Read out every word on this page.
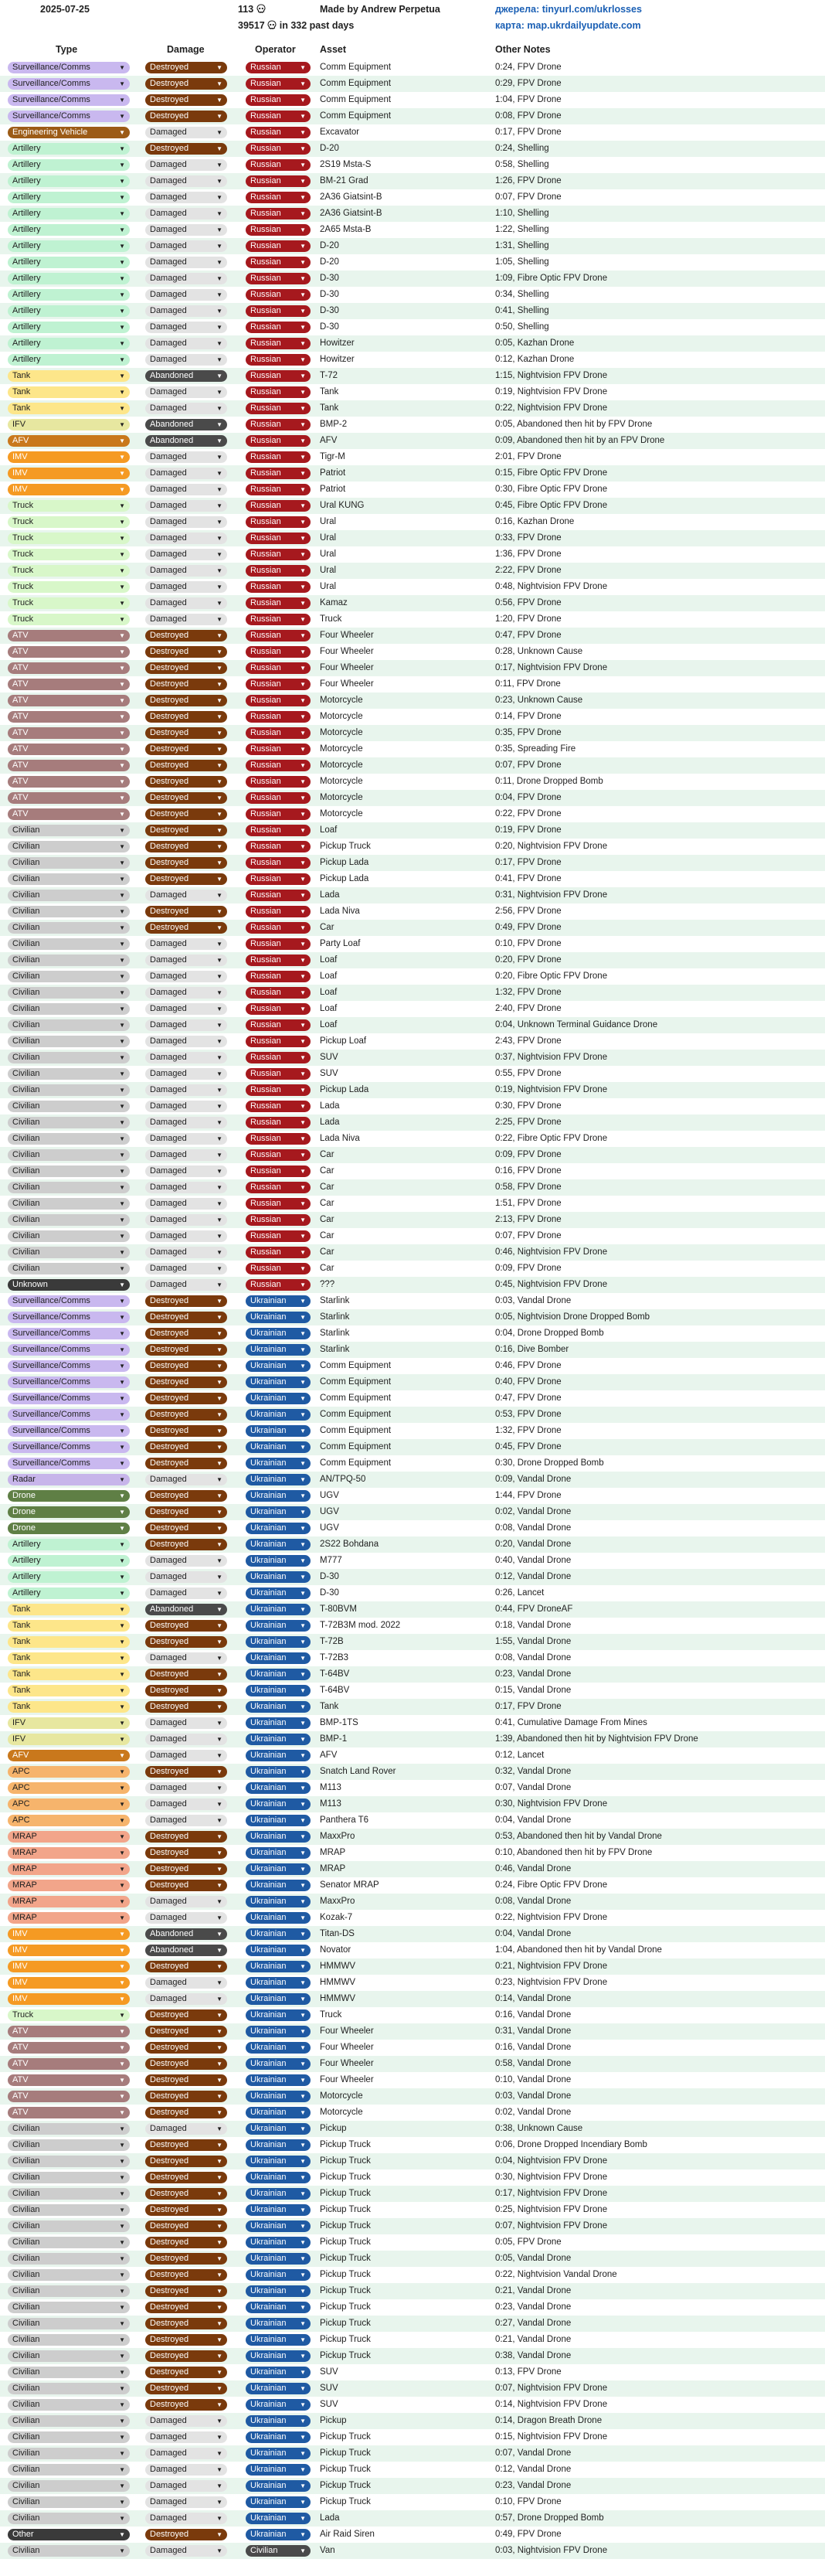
2025-07-25	113
39517 in 332 past days
Made by Andrew Perpetua	джерела: tinyurl.com/ukrlosses
карта: map.ukrdailyupdate.com
Type	Damage	Operator Asset	Other Notes
Surveillance/Comms	▼	Destroyed	▼	Russian	▼ Comm Equipment	0:24, FPV Drone
Surveillance/Comms	▼	Destroyed	▼	Russian	▼ Comm Equipment	0:29, FPV Drone
Surveillance/Comms	▼	Destroyed	▼	Russian	▼ Comm Equipment	1:04, FPV Drone
Surveillance/Comms	▼	Destroyed	▼	Russian	▼ Comm Equipment	0:08, FPV Drone
Engineering Vehicle	▼	Damaged	▼	Russian	▼ Excavator	0:17, FPV Drone
Artillery	▼	Destroyed	▼	Russian	▼ D-20	0:24, Shelling
Artillery	▼	Damaged	▼	Russian	▼ 2S19 Msta-S	0:58, Shelling
Artillery	▼	Damaged	▼	Russian	▼ BM-21 Grad	1:26, FPV Drone
Artillery	▼	Damaged	▼	Russian	▼ 2A36 Giatsint-B	0:07, FPV Drone
Artillery	▼	Damaged	▼	Russian	▼ 2A36 Giatsint-B	1:10, Shelling
Artillery	▼	Damaged	▼	Russian	▼ 2A65 Msta-B	1:22, Shelling
Artillery	▼	Damaged	▼	Russian	▼ D-20	1:31, Shelling
Artillery	▼	Damaged	▼	Russian	▼ D-20	1:05, Shelling
Artillery	▼	Damaged	▼	Russian	▼ D-30	1:09, Fibre Optic FPV Drone
Artillery	▼	Damaged	▼	Russian	▼ D-30	0:34, Shelling
Artillery	▼	Damaged	▼	Russian	▼ D-30	0:41, Shelling
Artillery	▼	Damaged	▼	Russian	▼ D-30	0:50, Shelling
Artillery	▼	Damaged	▼	Russian	▼ Howitzer	0:05, Kazhan Drone
Artillery	▼	Damaged	▼	Russian	▼ Howitzer	0:12, Kazhan Drone
Tank	▼	Abandoned	▼	Russian	▼ T-72	1:15, Nightvision FPV Drone
Tank	▼	Damaged	▼	Russian	▼ Tank	0:19, Nightvision FPV Drone
Tank	▼	Damaged	▼	Russian	▼ Tank	0:22, Nightvision FPV Drone
IFV	▼	Abandoned	▼	Russian	▼ BMP-2	0:05, Abandoned then hit by FPV Drone
AFV	▼	Abandoned	▼	Russian	▼ AFV	0:09, Abandoned then hit by an FPV Drone
IMV	▼	Damaged	▼	Russian	▼ Tigr-M	2:01, FPV Drone
IMV	▼	Damaged	▼	Russian	▼ Patriot	0:15, Fibre Optic FPV Drone
IMV	▼	Damaged	▼	Russian	▼ Patriot	0:30, Fibre Optic FPV Drone
Truck	▼	Damaged	▼	Russian	▼ Ural KUNG	0:45, Fibre Optic FPV Drone
Truck	▼	Damaged	▼	Russian	▼ Ural	0:16, Kazhan Drone
Truck	▼	Damaged	▼	Russian	▼ Ural	0:33, FPV Drone
Truck	▼	Damaged	▼	Russian	▼ Ural	1:36, FPV Drone
Truck	▼	Damaged	▼	Russian	▼ Ural	2:22, FPV Drone
Truck	▼	Damaged	▼	Russian	▼ Ural	0:48, Nightvision FPV Drone
Truck	▼	Damaged	▼	Russian	▼ Kamaz	0:56, FPV Drone
Truck	▼	Damaged	▼	Russian	▼ Truck	1:20, FPV Drone
ATV	▼	Destroyed	▼	Russian	▼ Four Wheeler	0:47, FPV Drone
ATV	▼	Destroyed	▼	Russian	▼ Four Wheeler	0:28, Unknown Cause
ATV	▼	Destroyed	▼	Russian	▼ Four Wheeler	0:17, Nightvision FPV Drone
ATV	▼	Destroyed	▼	Russian	▼ Four Wheeler	0:11, FPV Drone
ATV	▼	Destroyed	▼	Russian	▼ Motorcycle	0:23, Unknown Cause
ATV	▼	Destroyed	▼	Russian	▼ Motorcycle	0:14, FPV Drone
ATV	▼	Destroyed	▼	Russian	▼ Motorcycle	0:35, FPV Drone
ATV	▼	Destroyed	▼	Russian	▼ Motorcycle	0:35, Spreading Fire
ATV	▼	Destroyed	▼	Russian	▼ Motorcycle	0:07, FPV Drone
ATV	▼	Destroyed	▼	Russian	▼ Motorcycle	0:11, Drone Dropped Bomb
ATV	▼	Destroyed	▼	Russian	▼ Motorcycle	0:04, FPV Drone
ATV	▼	Destroyed	▼	Russian	▼ Motorcycle	0:22, FPV Drone
Civilian	▼	Destroyed	▼	Russian	▼ Loaf	0:19, FPV Drone
Civilian	▼	Destroyed	▼	Russian	▼ Pickup Truck	0:20, Nightvision FPV Drone
Civilian	▼	Destroyed	▼	Russian	▼ Pickup Lada	0:17, FPV Drone
Civilian	▼	Destroyed	▼	Russian	▼ Pickup Lada	0:41, FPV Drone
Civilian	▼	Damaged	▼	Russian	▼ Lada	0:31, Nightvision FPV Drone
Civilian	▼	Destroyed	▼	Russian	▼ Lada Niva	2:56, FPV Drone
Civilian	▼	Destroyed	▼	Russian	▼ Car	0:49, FPV Drone
Civilian	▼	Damaged	▼	Russian	▼ Party Loaf	0:10, FPV Drone
Civilian	▼	Damaged	▼	Russian	▼ Loaf	0:20, FPV Drone
Civilian	▼	Damaged	▼	Russian	▼ Loaf	0:20, Fibre Optic FPV Drone
Civilian	▼	Damaged	▼	Russian	▼ Loaf	1:32, FPV Drone
Civilian	▼	Damaged	▼	Russian	▼ Loaf	2:40, FPV Drone
Civilian	▼	Damaged	▼	Russian	▼ Loaf	0:04, Unknown Terminal Guidance Drone
Civilian	▼	Damaged	▼	Russian	▼ Pickup Loaf	2:43, FPV Drone
Civilian	▼	Damaged	▼	Russian	▼ SUV	0:37, Nightvision FPV Drone
Civilian	▼	Damaged	▼	Russian	▼ SUV	0:55, FPV Drone
Civilian	▼	Damaged	▼	Russian	▼ Pickup Lada	0:19, Nightvision FPV Drone
Civilian	▼	Damaged	▼	Russian	▼ Lada	0:30, FPV Drone
Civilian	▼	Damaged	▼	Russian	▼ Lada	2:25, FPV Drone
Civilian	▼	Damaged	▼	Russian	▼ Lada Niva	0:22, Fibre Optic FPV Drone
Civilian	▼	Damaged	▼	Russian	▼ Car	0:09, FPV Drone
Civilian	▼	Damaged	▼	Russian	▼ Car	0:16, FPV Drone
Civilian	▼	Damaged	▼	Russian	▼ Car	0:58, FPV Drone
Civilian	▼	Damaged	▼	Russian	▼ Car	1:51, FPV Drone
Civilian	▼	Damaged	▼	Russian	▼ Car	2:13, FPV Drone
Civilian	▼	Damaged	▼	Russian	▼ Car	0:07, FPV Drone
Civilian	▼	Damaged	▼	Russian	▼ Car	0:46, Nightvision FPV Drone
Civilian	▼	Damaged	▼	Russian	▼ Car	0:09, FPV Drone
Unknown	▼	Damaged	▼	Russian	▼ ???	0:45, Nightvision FPV Drone
Surveillance/Comms	▼	Destroyed	▼	Ukrainian ▼ Starlink	0:03, Vandal Drone
Surveillance/Comms	▼	Destroyed	▼	Ukrainian ▼ Starlink	0:05, Nightvision Drone Dropped Bomb
Surveillance/Comms	▼	Destroyed	▼	Ukrainian ▼ Starlink	0:04, Drone Dropped Bomb
Surveillance/Comms	▼	Destroyed	▼	Ukrainian ▼ Starlink	0:16, Dive Bomber
Surveillance/Comms	▼	Destroyed	▼	Ukrainian ▼ Comm Equipment	0:46, FPV Drone
Surveillance/Comms	▼	Destroyed	▼	Ukrainian ▼ Comm Equipment	0:40, FPV Drone
Surveillance/Comms	▼	Destroyed	▼	Ukrainian ▼ Comm Equipment	0:47, FPV Drone
Surveillance/Comms	▼	Destroyed	▼	Ukrainian ▼ Comm Equipment	0:53, FPV Drone
Surveillance/Comms	▼	Destroyed	▼	Ukrainian ▼ Comm Equipment	1:32, FPV Drone
Surveillance/Comms	▼	Destroyed	▼	Ukrainian ▼ Comm Equipment	0:45, FPV Drone
Surveillance/Comms	▼	Destroyed	▼	Ukrainian ▼ Comm Equipment	0:30, Drone Dropped Bomb
Radar	▼	Damaged	▼	Ukrainian ▼ AN/TPQ-50	0:09, Vandal Drone
Drone	▼	Destroyed	▼	Ukrainian ▼ UGV	1:44, FPV Drone
Drone	▼	Destroyed	▼	Ukrainian ▼ UGV	0:02, Vandal Drone
Drone	▼	Destroyed	▼	Ukrainian ▼ UGV	0:08, Vandal Drone
Artillery	▼	Destroyed	▼	Ukrainian ▼ 2S22 Bohdana	0:20, Vandal Drone
Artillery	▼	Damaged	▼	Ukrainian ▼ M777	0:40, Vandal Drone
Artillery	▼	Damaged	▼	Ukrainian ▼ D-30	0:12, Vandal Drone
Artillery	▼	Damaged	▼	Ukrainian ▼ D-30	0:26, Lancet
Tank	▼	Abandoned	▼	Ukrainian ▼ T-80BVM	0:44, FPV DroneAF
Tank	▼	Destroyed	▼	Ukrainian ▼ T-72B3M mod. 2022	0:18, Vandal Drone
Tank	▼	Destroyed	▼	Ukrainian ▼ T-72B	1:55, Vandal Drone
Tank	▼	Damaged	▼	Ukrainian ▼ T-72B3	0:08, Vandal Drone
Tank	▼	Destroyed	▼	Ukrainian ▼ T-64BV	0:23, Vandal Drone
Tank	▼	Destroyed	▼	Ukrainian ▼ T-64BV	0:15, Vandal Drone
Tank	▼	Destroyed	▼	Ukrainian ▼ Tank	0:17, FPV Drone
IFV	▼	Damaged	▼	Ukrainian ▼ BMP-1TS	0:41, Cumulative Damage From Mines
IFV	▼	Damaged	▼	Ukrainian ▼ BMP-1	1:39, Abandoned then hit by Nightvision FPV Drone
AFV	▼	Damaged	▼	Ukrainian ▼ AFV	0:12, Lancet
APC	▼	Destroyed	▼	Ukrainian ▼ Snatch Land Rover	0:32, Vandal Drone
APC	▼	Damaged	▼	Ukrainian ▼ M113	0:07, Vandal Drone
APC	▼	Damaged	▼	Ukrainian ▼ M113	0:30, Nightvision FPV Drone
APC	▼	Damaged	▼	Ukrainian ▼ Panthera T6	0:04, Vandal Drone
MRAP	▼	Destroyed	▼	Ukrainian ▼ MaxxPro	0:53, Abandoned then hit by Vandal Drone
MRAP	▼	Destroyed	▼	Ukrainian ▼ MRAP	0:10, Abandoned then hit by FPV Drone
MRAP	▼	Destroyed	▼	Ukrainian ▼ MRAP	0:46, Vandal Drone
MRAP	▼	Destroyed	▼	Ukrainian ▼ Senator MRAP	0:24, Fibre Optic FPV Drone
MRAP	▼	Damaged	▼	Ukrainian ▼ MaxxPro	0:08, Vandal Drone
MRAP	▼	Damaged	▼	Ukrainian ▼ Kozak-7	0:22, Nightvision FPV Drone
IMV	▼	Abandoned	▼	Ukrainian ▼ Titan-DS	0:04, Vandal Drone
IMV	▼	Abandoned	▼	Ukrainian ▼ Novator	1:04, Abandoned then hit by Vandal Drone
IMV	▼	Destroyed	▼	Ukrainian ▼ HMMWV	0:21, Nightvision FPV Drone
IMV	▼	Damaged	▼	Ukrainian ▼ HMMWV	0:23, Nightvision FPV Drone
IMV	▼	Damaged	▼	Ukrainian ▼ HMMWV	0:14, Vandal Drone
Truck	▼	Destroyed	▼	Ukrainian ▼ Truck	0:16, Vandal Drone
ATV	▼	Destroyed	▼	Ukrainian ▼ Four Wheeler	0:31, Vandal Drone
ATV	▼	Destroyed	▼	Ukrainian ▼ Four Wheeler	0:16, Vandal Drone
ATV	▼	Destroyed	▼	Ukrainian ▼ Four Wheeler	0:58, Vandal Drone
ATV	▼	Destroyed	▼	Ukrainian ▼ Four Wheeler	0:10, Vandal Drone
ATV	▼	Destroyed	▼	Ukrainian ▼ Motorcycle	0:03, Vandal Drone
ATV	▼	Destroyed	▼	Ukrainian ▼ Motorcycle	0:02, Vandal Drone
Civilian	▼	Damaged	▼	Ukrainian ▼ Pickup	0:38, Unknown Cause
Civilian	▼	Destroyed	▼	Ukrainian ▼ Pickup Truck	0:06, Drone Dropped Incendiary Bomb
Civilian	▼	Destroyed	▼	Ukrainian ▼ Pickup Truck	0:04, Nightvision FPV Drone
Civilian	▼	Destroyed	▼	Ukrainian ▼ Pickup Truck	0:30, Nightvision FPV Drone
Civilian	▼	Destroyed	▼	Ukrainian ▼ Pickup Truck	0:17, Nightvision FPV Drone
Civilian	▼	Destroyed	▼	Ukrainian ▼ Pickup Truck	0:25, Nightvision FPV Drone
Civilian	▼	Destroyed	▼	Ukrainian ▼ Pickup Truck	0:07, Nightvision FPV Drone
Civilian	▼	Destroyed	▼	Ukrainian ▼ Pickup Truck	0:05, FPV Drone
Civilian	▼	Destroyed	▼	Ukrainian ▼ Pickup Truck	0:05, Vandal Drone
Civilian	▼	Destroyed	▼	Ukrainian ▼ Pickup Truck	0:22, Nightvision Vandal Drone
Civilian	▼	Destroyed	▼	Ukrainian ▼ Pickup Truck	0:21, Vandal Drone
Civilian	▼	Destroyed	▼	Ukrainian ▼ Pickup Truck	0:23, Vandal Drone
Civilian	▼	Destroyed	▼	Ukrainian ▼ Pickup Truck	0:27, Vandal Drone
Civilian	▼	Destroyed	▼	Ukrainian ▼ Pickup Truck	0:21, Vandal Drone
Civilian	▼	Destroyed	▼	Ukrainian ▼ Pickup Truck	0:38, Vandal Drone
Civilian	▼	Destroyed	▼	Ukrainian ▼ SUV	0:13, FPV Drone
Civilian	▼	Destroyed	▼	Ukrainian ▼ SUV	0:07, Nightvision FPV Drone
Civilian	▼	Destroyed	▼	Ukrainian ▼ SUV	0:14, Nightvision FPV Drone
Civilian	▼	Damaged	▼	Ukrainian ▼ Pickup	0:14, Dragon Breath Drone
Civilian	▼	Damaged	▼	Ukrainian ▼ Pickup Truck	0:15, Nightvision FPV Drone
Civilian	▼	Damaged	▼	Ukrainian ▼ Pickup Truck	0:07, Vandal Drone
Civilian	▼	Damaged	▼	Ukrainian ▼ Pickup Truck	0:12, Vandal Drone
Civilian	▼	Damaged	▼	Ukrainian ▼ Pickup Truck	0:23, Vandal Drone
Civilian	▼	Damaged	▼	Ukrainian ▼ Pickup Truck	0:10, FPV Drone
Civilian	▼	Damaged	▼	Ukrainian ▼ Lada	0:57, Drone Dropped Bomb
Other	▼	Destroyed	▼	Ukrainian ▼ Air Raid Siren	0:49, FPV Drone
Civilian	▼	Damaged	▼	Civilian	▼ Van	0:03, Nightvision FPV Drone
